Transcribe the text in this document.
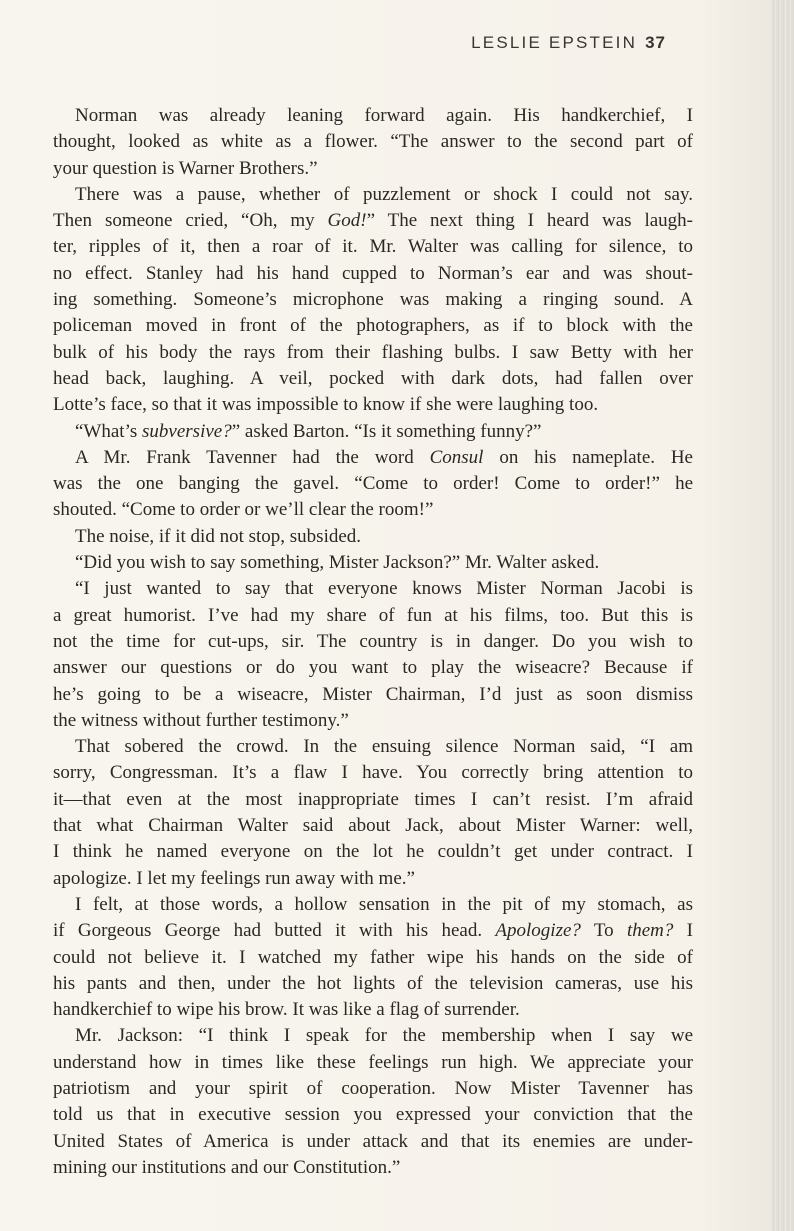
LESLIE EPSTEIN 37
Norman was already leaning forward again. His handkerchief, I
thought, looked as white as a flower. “The answer to the second part of
your question is Warner Brothers.”
There was a pause, whether of puzzlement or shock I could not say.
Then someone cried, “Oh, my God!” The next thing I heard was laugh-
ter, ripples of it, then a roar of it. Mr. Walter was calling for silence, to
no effect. Stanley had his hand cupped to Norman’s ear and was shout-
ing something. Someone’s microphone was making a ringing sound. A
policeman moved in front of the photographers, as if to block with the
bulk of his body the rays from their flashing bulbs. I saw Betty with her
head back, laughing. A veil, pocked with dark dots, had fallen over
Lotte’s face, so that it was impossible to know if she were laughing too.
“What’s subversive?” asked Barton. “Is it something funny?”
A Mr. Frank Tavenner had the word Consul on his nameplate. He
was the one banging the gavel. “Come to order! Come to order!” he
shouted. “Come to order or we’ll clear the room!”
The noise, if it did not stop, subsided.
“Did you wish to say something, Mister Jackson?” Mr. Walter asked.
“I just wanted to say that everyone knows Mister Norman Jacobi is
a great humorist. I’ve had my share of fun at his films, too. But this is
not the time for cut-ups, sir. The country is in danger. Do you wish to
answer our questions or do you want to play the wiseacre? Because if
he’s going to be a wiseacre, Mister Chairman, I’d just as soon dismiss
the witness without further testimony.”
That sobered the crowd. In the ensuing silence Norman said, “I am
sorry, Congressman. It’s a flaw I have. You correctly bring attention to
it—that even at the most inappropriate times I can’t resist. I’m afraid
that what Chairman Walter said about Jack, about Mister Warner: well,
I think he named everyone on the lot he couldn’t get under contract. I
apologize. I let my feelings run away with me.”
I felt, at those words, a hollow sensation in the pit of my stomach, as
if Gorgeous George had butted it with his head. Apologize? To them? I
could not believe it. I watched my father wipe his hands on the side of
his pants and then, under the hot lights of the television cameras, use his
handkerchief to wipe his brow. It was like a flag of surrender.
Mr. Jackson: “I think I speak for the membership when I say we
understand how in times like these feelings run high. We appreciate your
patriotism and your spirit of cooperation. Now Mister Tavenner has
told us that in executive session you expressed your conviction that the
United States of America is under attack and that its enemies are under-
mining our institutions and our Constitution.”
